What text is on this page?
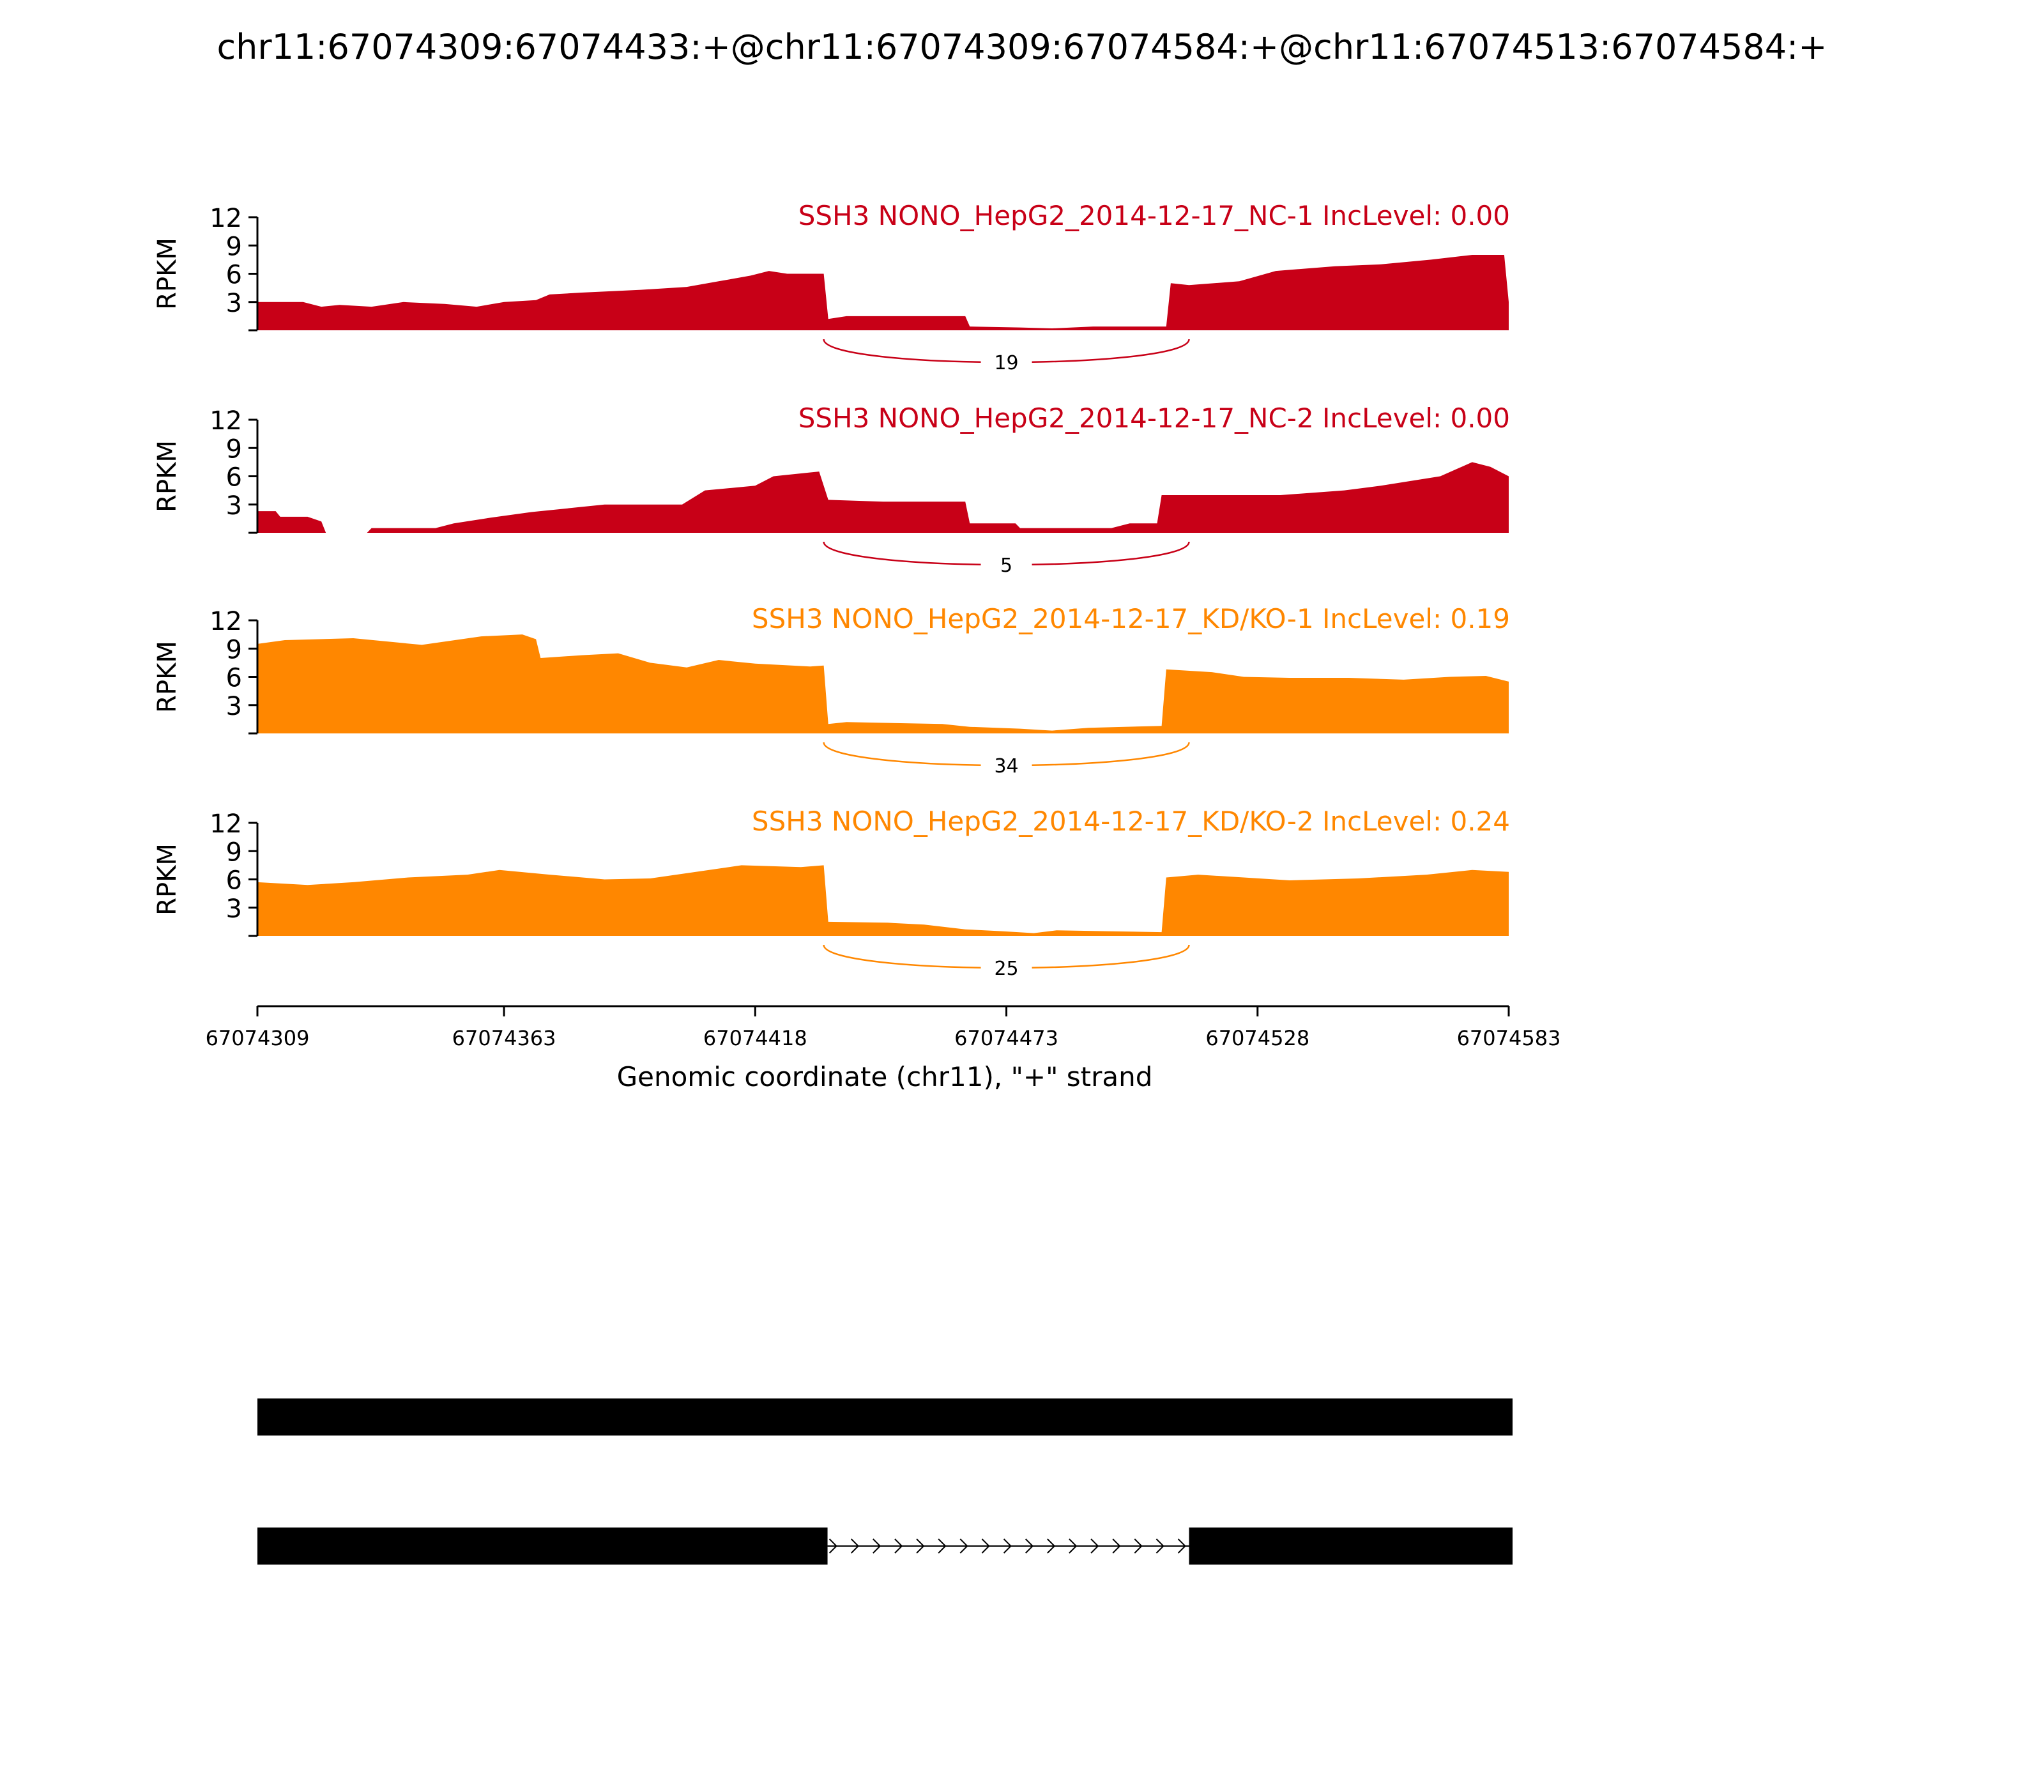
chr11:67074309:67074433:+@chr11:67074309:67074584:+@chr11:67074513:67074584:+
3
6
9
12
RPKM
SSH3 NONO_HepG2_2014-12-17_NC-1 IncLevel: 0.00
19
3
6
9
12
RPKM
SSH3 NONO_HepG2_2014-12-17_NC-2 IncLevel: 0.00
5
3
6
9
12
RPKM
SSH3 NONO_HepG2_2014-12-17_KD/KO-1 IncLevel: 0.19
34
3
6
9
12
RPKM
SSH3 NONO_HepG2_2014-12-17_KD/KO-2 IncLevel: 0.24
25
Genomic coordinate (chr11), "+" strand
67074309	67074363	67074418	67074473	67074528	67074583
